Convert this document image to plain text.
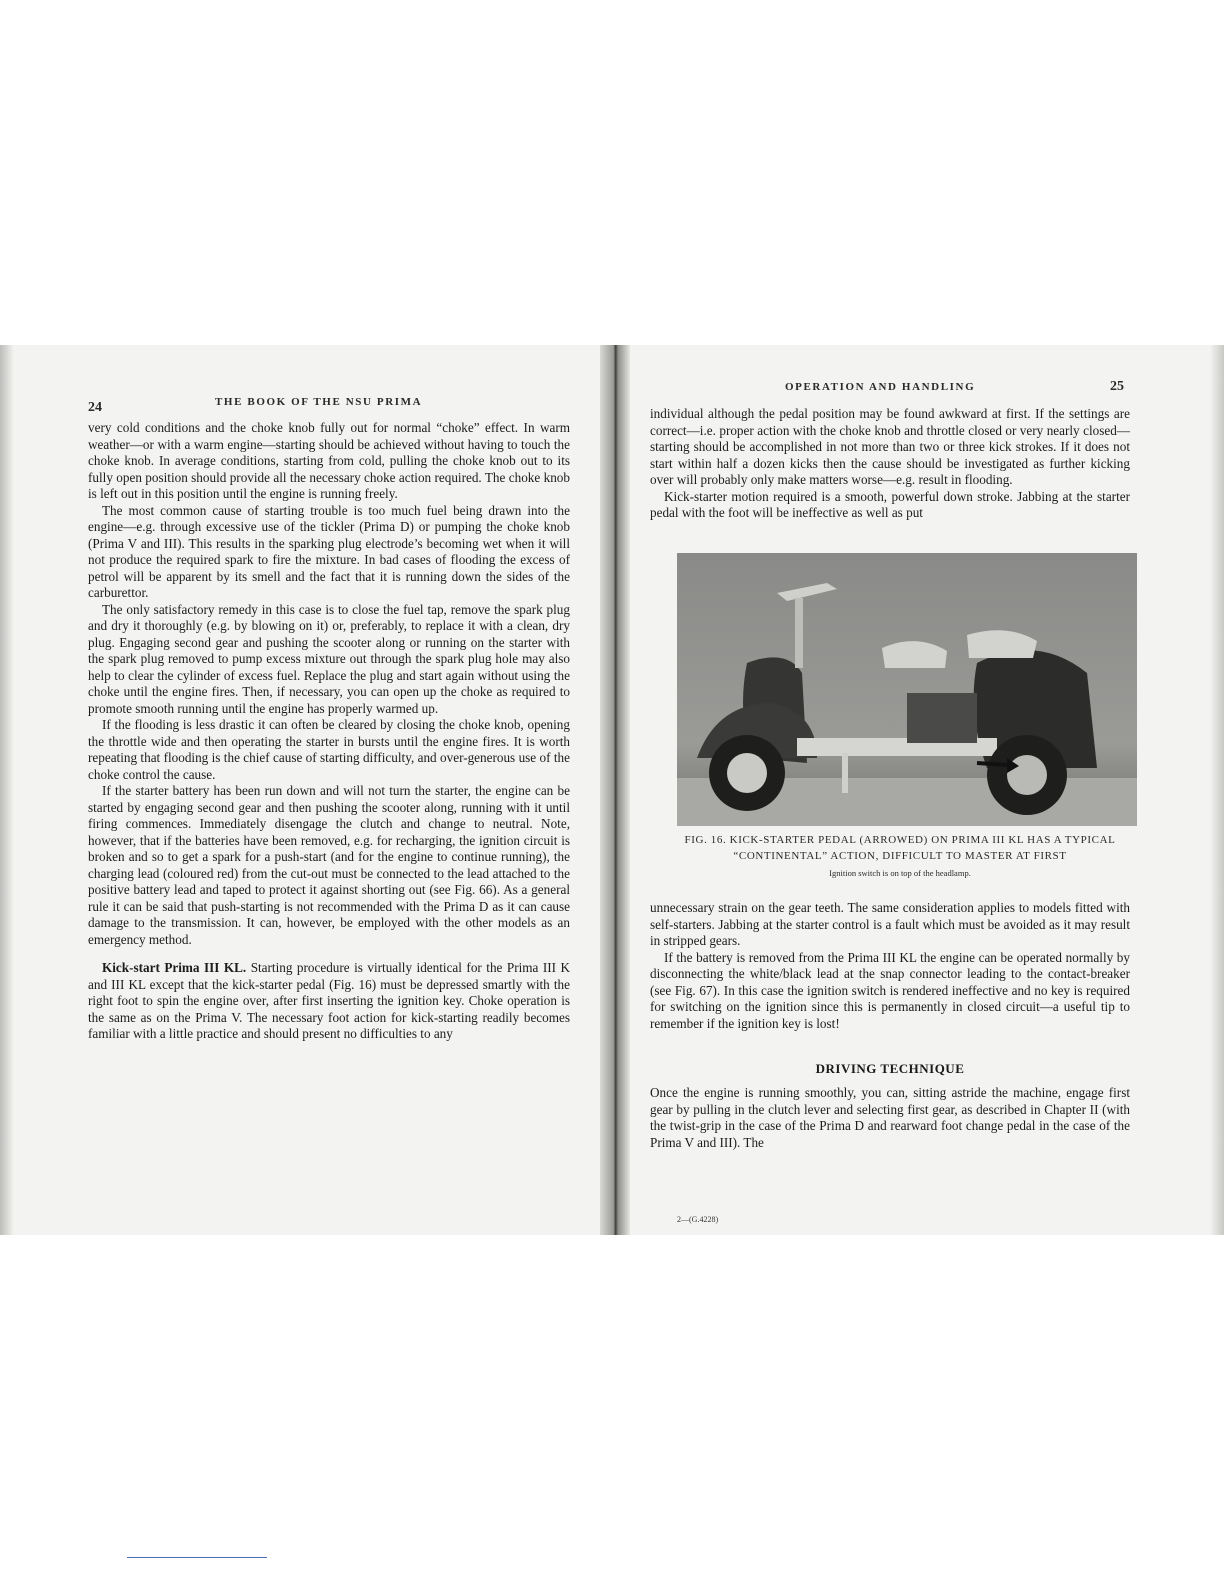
24	THE BOOK OF THE NSU PRIMA

very cold conditions and the choke knob fully out for normal “choke” effect. In warm weather—or with a warm engine—starting should be achieved without having to touch the choke knob. In average conditions, starting from cold, pulling the choke knob out to its fully open position should provide all the necessary choke action required. The choke knob is left out in this position until the engine is running freely.

The most common cause of starting trouble is too much fuel being drawn into the engine—e.g. through excessive use of the tickler (Prima D) or pumping the choke knob (Prima V and III). This results in the sparking plug electrode’s becoming wet when it will not produce the required spark to fire the mixture. In bad cases of flooding the excess of petrol will be apparent by its smell and the fact that it is running down the sides of the carburettor.

The only satisfactory remedy in this case is to close the fuel tap, remove the spark plug and dry it thoroughly (e.g. by blowing on it) or, preferably, to replace it with a clean, dry plug. Engaging second gear and pushing the scooter along or running on the starter with the spark plug removed to pump excess mixture out through the spark plug hole may also help to clear the cylinder of excess fuel. Replace the plug and start again without using the choke until the engine fires. Then, if necessary, you can open up the choke as required to promote smooth running until the engine has properly warmed up.

If the flooding is less drastic it can often be cleared by closing the choke knob, opening the throttle wide and then operating the starter in bursts until the engine fires. It is worth repeating that flooding is the chief cause of starting difficulty, and over-generous use of the choke control the cause.

If the starter battery has been run down and will not turn the starter, the engine can be started by engaging second gear and then pushing the scooter along, running with it until firing commences. Immediately disengage the clutch and change to neutral. Note, however, that if the batteries have been removed, e.g. for recharging, the ignition circuit is broken and so to get a spark for a push-start (and for the engine to continue running), the charging lead (coloured red) from the cut-out must be connected to the lead attached to the positive battery lead and taped to protect it against shorting out (see Fig. 66). As a general rule it can be said that push-starting is not recommended with the Prima D as it can cause damage to the transmission. It can, however, be employed with the other models as an emergency method.

Kick-start Prima III KL. Starting procedure is virtually identical for the Prima III K and III KL except that the kick-starter pedal (Fig. 16) must be depressed smartly with the right foot to spin the engine over, after first inserting the ignition key. Choke operation is the same as on the Prima V. The necessary foot action for kick-starting readily becomes familiar with a little practice and should present no difficulties to any

OPERATION AND HANDLING	25

individual although the pedal position may be found awkward at first. If the settings are correct—i.e. proper action with the choke knob and throttle closed or very nearly closed—starting should be accomplished in not more than two or three kick strokes. If it does not start within half a dozen kicks then the cause should be investigated as further kicking over will probably only make matters worse—e.g. result in flooding.

Kick-starter motion required is a smooth, powerful down stroke. Jabbing at the starter pedal with the foot will be ineffective as well as put

FIG. 16. KICK-STARTER PEDAL (ARROWED) ON PRIMA III KL HAS A TYPICAL “CONTINENTAL” ACTION, DIFFICULT TO MASTER AT FIRST
Ignition switch is on top of the headlamp.

unnecessary strain on the gear teeth. The same consideration applies to models fitted with self-starters. Jabbing at the starter control is a fault which must be avoided as it may result in stripped gears.

If the battery is removed from the Prima III KL the engine can be operated normally by disconnecting the white/black lead at the snap connector leading to the contact-breaker (see Fig. 67). In this case the ignition switch is rendered ineffective and no key is required for switching on the ignition since this is permanently in closed circuit—a useful tip to remember if the ignition key is lost!

DRIVING TECHNIQUE

Once the engine is running smoothly, you can, sitting astride the machine, engage first gear by pulling in the clutch lever and selecting first gear, as described in Chapter II (with the twist-grip in the case of the Prima D and rearward foot change pedal in the case of the Prima V and III). The

2—(G.4228)
